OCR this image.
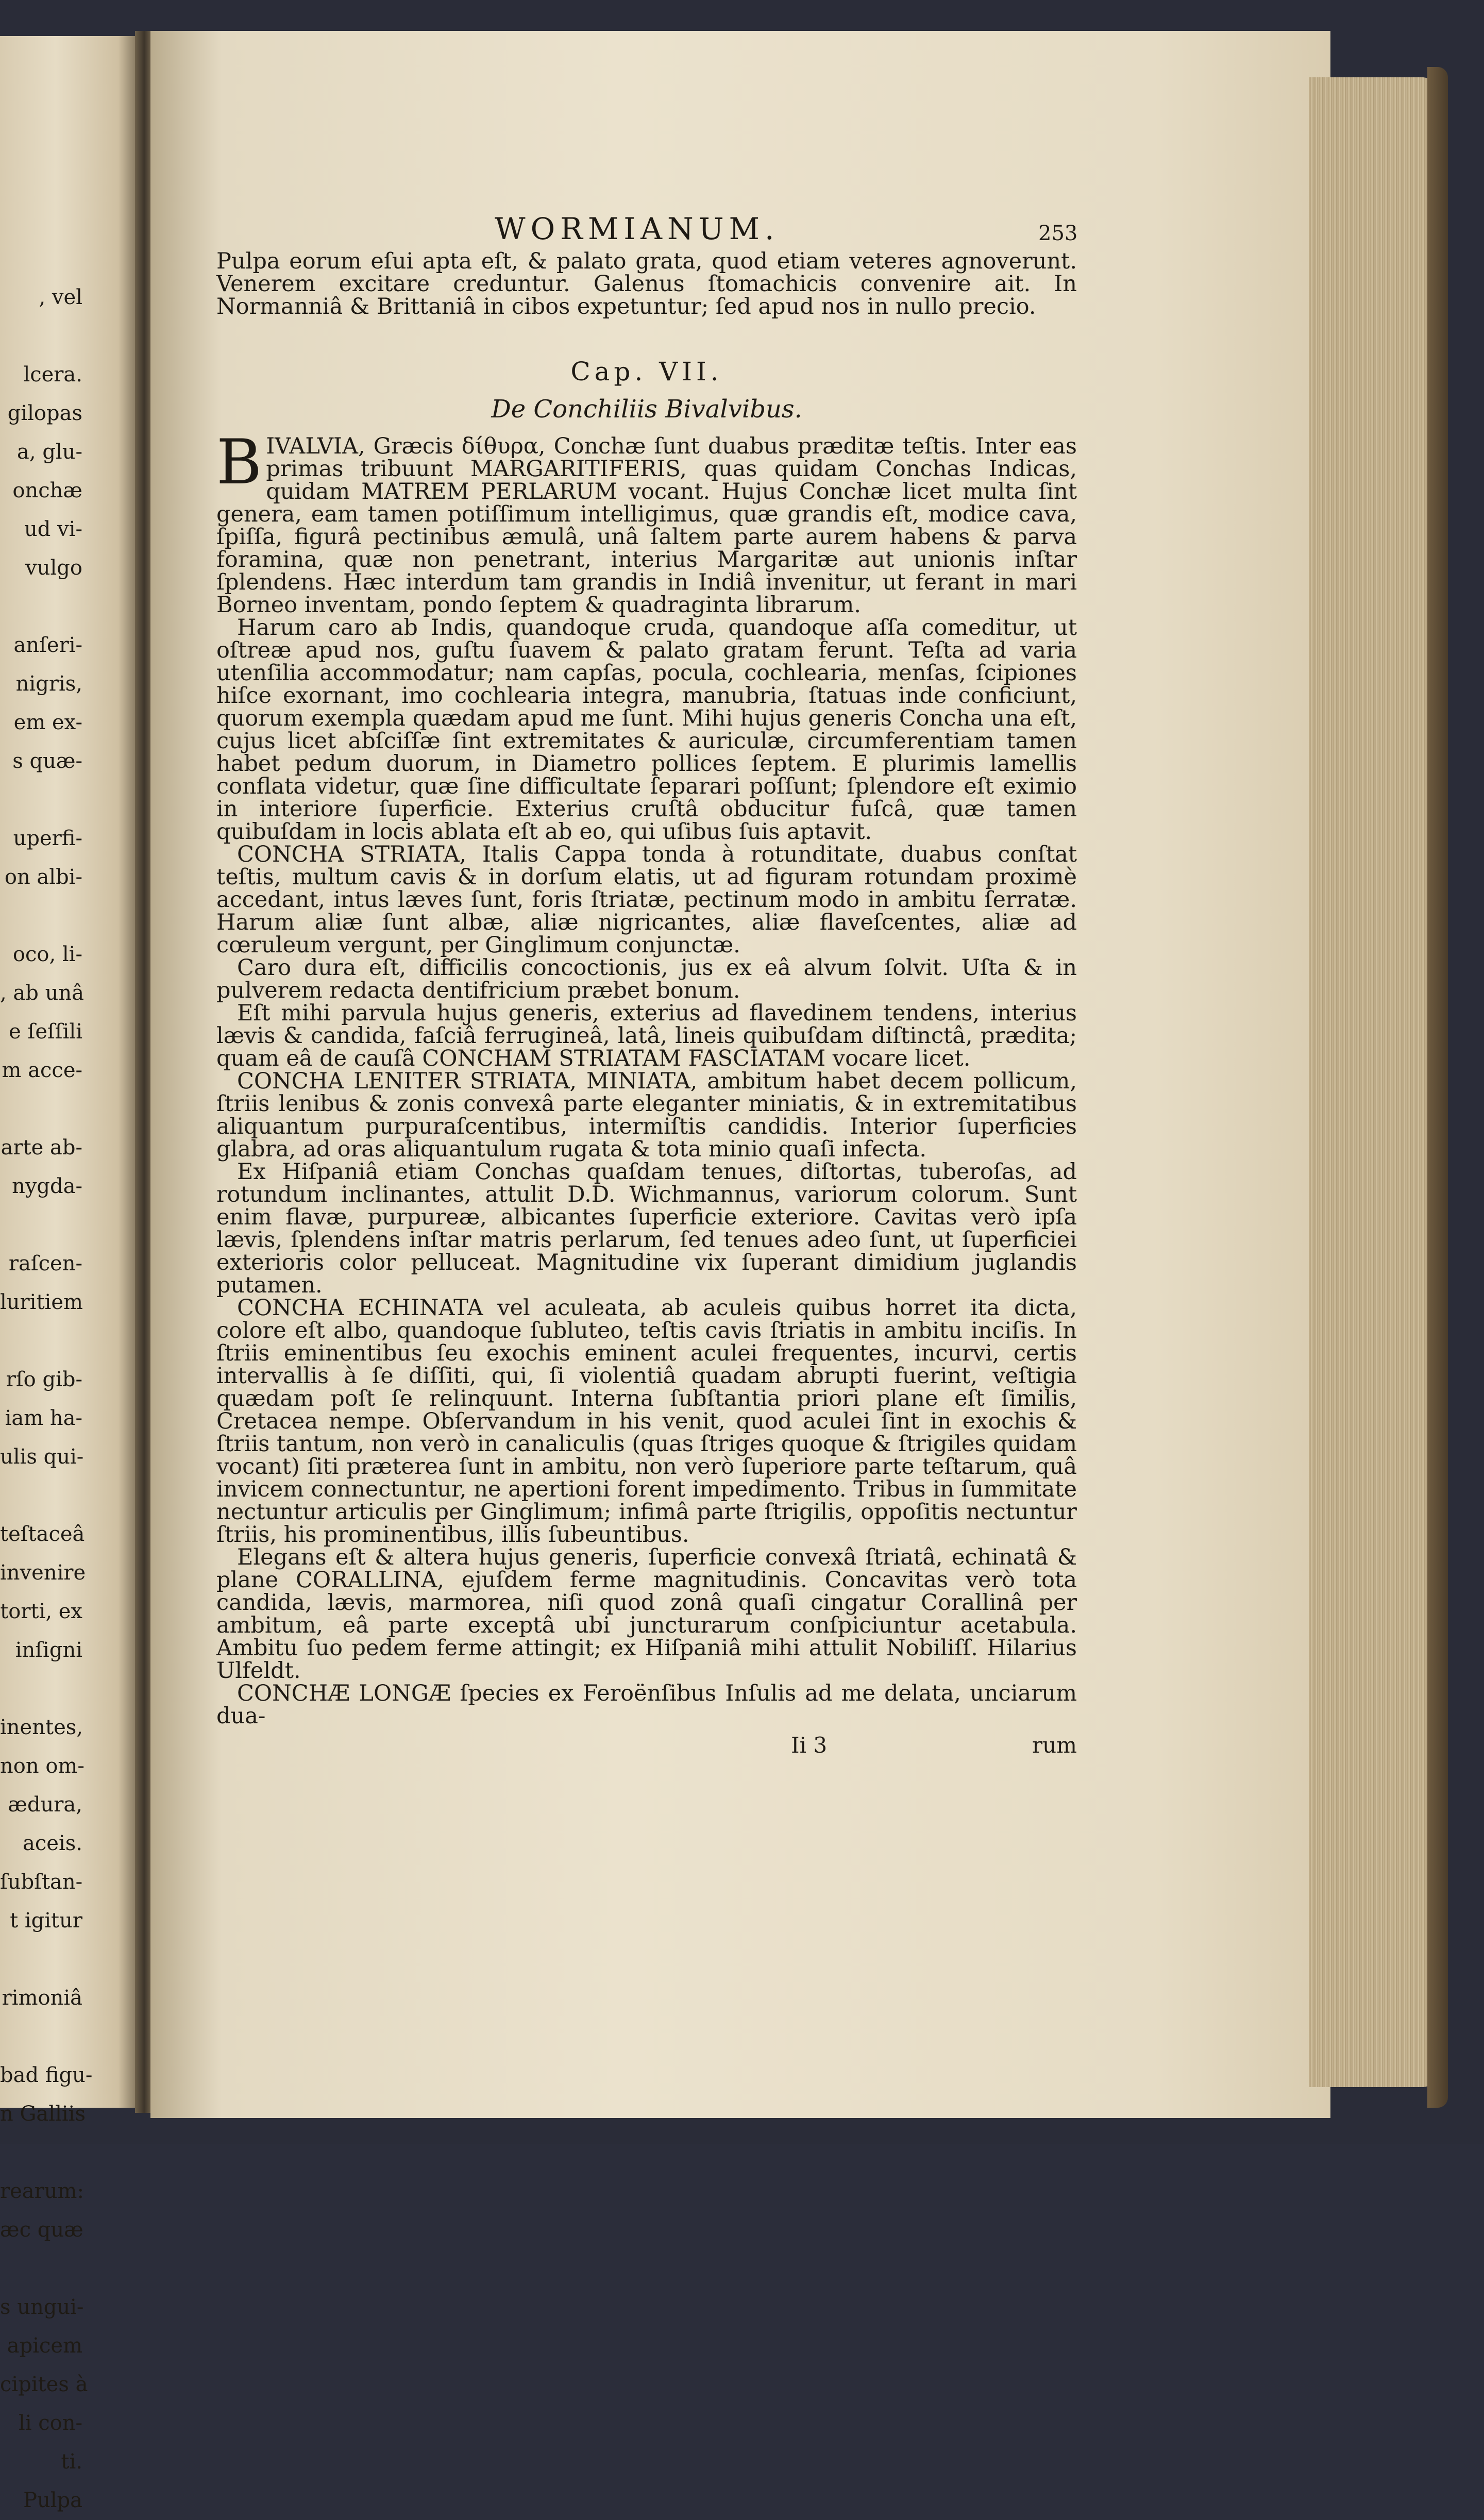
, vel

lcera.
gilopas
a, glu-
onchæ
ud vi-
vulgo

anſeri-
nigris,
em ex-
s quæ-

uperfi-
on albi-

oco, li-
, ab unâ
e ſeſſili
m acce-

arte ab-
nygda-

raſcen-
luritiem

rſo gib-
iam ha-
ulis qui-

teſtaceâ
invenire
torti, ex
inſigni

inentes,
non om-
ædura,
aceis.
ſubſtan-
t igitur

rimoniâ

bad figu-
n Galliis

rearum:
æc quæ

s ungui-
apicem
cipites à
li con-
ti.
Pulpa
WORMIANUM.	253

Pulpa eorum eſui apta eſt, & palato grata, quod etiam veteres agnoverunt. Venerem excitare creduntur. Galenus ſtomachicis convenire ait. In Normanniâ & Brittaniâ in cibos expetuntur; ſed apud nos in nullo precio.

Cap. VII.
De Conchiliis Bivalvibus.
B IVALVIA, Græcis δίθυρα, Conchæ ſunt duabus præditæ teſtis. Inter eas primas tribuunt MARGARITIFERIS, quas quidam Conchas Indicas, quidam MATREM PERLARUM vocant. Hujus Conchæ licet multa ſint genera, eam tamen potiſſimum intelligimus, quæ grandis eſt, modice cava, ſpiſſa, figurâ pectinibus æmulâ, unâ ſaltem parte aurem habens & parva foramina, quæ non penetrant, interius Margaritæ aut unionis inſtar ſplendens. Hæc interdum tam grandis in Indiâ invenitur, ut ferant in mari Borneo inventam, pondo ſeptem & quadraginta librarum.

Harum caro ab Indis, quandoque cruda, quandoque aſſa comeditur, ut oſtreæ apud nos, guſtu ſuavem & palato gratam ferunt. Teſta ad varia utenſilia accommodatur; nam capſas, pocula, cochlearia, menſas, ſcipiones hiſce exornant, imo cochlearia integra, manubria, ſtatuas inde conficiunt, quorum exempla quædam apud me ſunt. Mihi hujus generis Concha una eſt, cujus licet abſciſſæ ſint extremitates & auriculæ, circumferentiam tamen habet pedum duorum, in Diametro pollices ſeptem. E plurimis lamellis conflata videtur, quæ ſine difficultate ſeparari poſſunt; ſplendore eſt eximio in interiore ſuperficie. Exterius cruſtâ obducitur fuſcâ, quæ tamen quibuſdam in locis ablata eſt ab eo, qui uſibus ſuis aptavit.

CONCHA STRIATA, Italis Cappa tonda à rotunditate, duabus conſtat teſtis, multum cavis & in dorſum elatis, ut ad figuram rotundam proximè accedant, intus læves ſunt, foris ſtriatæ, pectinum modo in ambitu ſerratæ. Harum aliæ ſunt albæ, aliæ nigricantes, aliæ flaveſcentes, aliæ ad cœruleum vergunt, per Ginglimum conjunctæ.

Caro dura eſt, difficilis concoctionis, jus ex eâ alvum ſolvit. Uſta & in pulverem redacta dentifricium præbet bonum.

Eſt mihi parvula hujus generis, exterius ad flavedinem tendens, interius lævis & candida, faſciâ ferrugineâ, latâ, lineis quibuſdam diſtinctâ, prædita; quam eâ de cauſâ CONCHAM STRIATAM FASCIATAM vocare licet.

CONCHA LENITER STRIATA, MINIATA, ambitum habet decem pollicum, ſtriis lenibus & zonis convexâ parte eleganter miniatis, & in extremitatibus aliquantum purpuraſcentibus, intermiſtis candidis. Interior ſuperficies glabra, ad oras aliquantulum rugata & tota minio quaſi infecta.

Ex Hiſpaniâ etiam Conchas quaſdam tenues, diſtortas, tuberoſas, ad rotundum inclinantes, attulit D.D. Wichmannus, variorum colorum. Sunt enim flavæ, purpureæ, albicantes ſuperficie exteriore. Cavitas verò ipſa lævis, ſplendens inſtar matris perlarum, ſed tenues adeo ſunt, ut ſuperficiei exterioris color pelluceat. Magnitudine vix ſuperant dimidium juglandis putamen.

CONCHA ECHINATA vel aculeata, ab aculeis quibus horret ita dicta, colore eſt albo, quandoque ſubluteo, teſtis cavis ſtriatis in ambitu inciſis. In ſtriis eminentibus ſeu exochis eminent aculei frequentes, incurvi, certis intervallis à ſe diſſiti, qui, ſi violentiâ quadam abrupti fuerint, veſtigia quædam poſt ſe relinquunt. Interna ſubſtantia priori plane eſt ſimilis, Cretacea nempe. Obſervandum in his venit, quod aculei ſint in exochis & ſtriis tantum, non verò in canaliculis (quas ſtriges quoque & ſtrigiles quidam vocant) ſiti præterea ſunt in ambitu, non verò ſuperiore parte teſtarum, quâ invicem connectuntur, ne apertioni forent impedimento. Tribus in ſummitate nectuntur articulis per Ginglimum; infimâ parte ſtrigilis, oppoſitis nectuntur ſtriis, his prominentibus, illis ſubeuntibus.

Elegans eſt & altera hujus generis, ſuperficie convexâ ſtriatâ, echinatâ & plane CORALLINA, ejuſdem ferme magnitudinis. Concavitas verò tota candida, lævis, marmorea, niſi quod zonâ quaſi cingatur Corallinâ per ambitum, eâ parte exceptâ ubi juncturarum conſpiciuntur acetabula. Ambitu ſuo pedem ferme attingit; ex Hiſpaniâ mihi attulit Nobiliſſ. Hilarius Ulfeldt.

CONCHÆ LONGÆ ſpecies ex Feroënſibus Inſulis ad me delata, unciarum dua-

Ii 3	rum
